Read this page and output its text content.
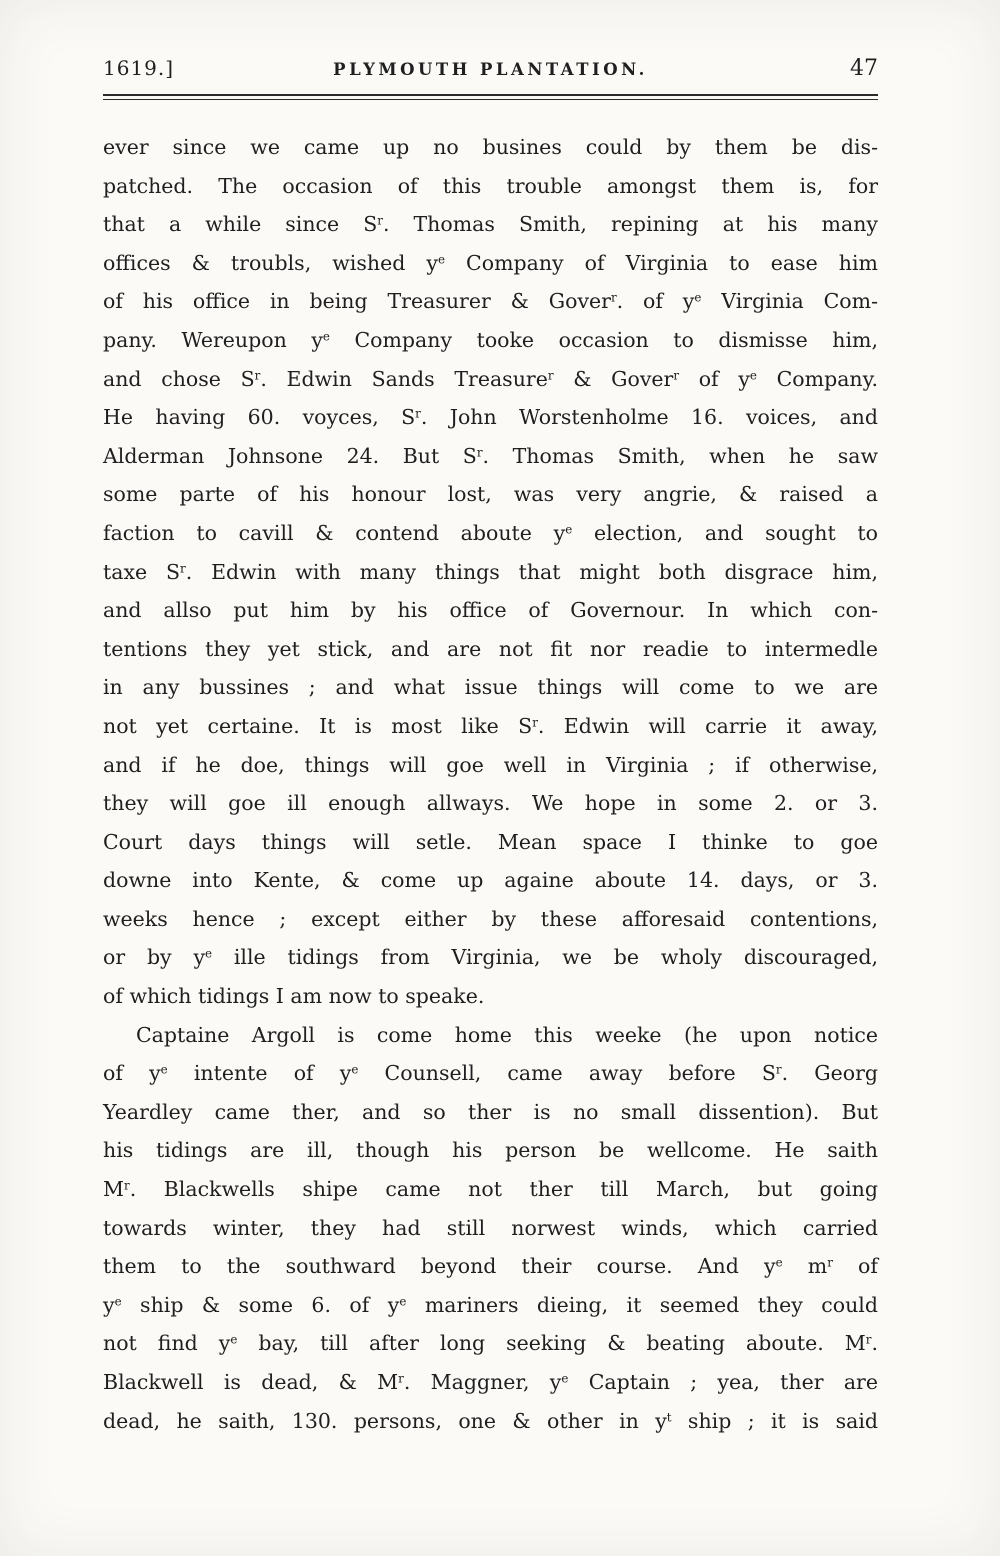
1619.]	PLYMOUTH PLANTATION.	47
ever since we came up no busines could by them be dis-
patched. The occasion of this trouble amongst them is, for
that a while since $S^r$. Thomas Smith, repining at his many
offices & troubls, wished $y^e$ Company of Virginia to ease him
of his office in being Treasurer & Gover$^r$. of $y^e$ Virginia Com-
pany. Wereupon $y^e$ Company tooke occasion to dismisse him,
and chose $S^r$. Edwin Sands Treasure$^r$ & Gover$^r$ of $y^e$ Company.
He having 60. voyces, $S^r$. John Worstenholme 16. voices, and
Alderman Johnsone 24. But $S^r$. Thomas Smith, when he saw
some parte of his honour lost, was very angrie, & raised a
faction to cavill & contend aboute $y^e$ election, and sought to
taxe $S^r$. Edwin with many things that might both disgrace him,
and allso put him by his office of Governour. In which con-
tentions they yet stick, and are not fit nor readie to intermedle
in any bussines ; and what issue things will come to we are
not yet certaine. It is most like $S^r$. Edwin will carrie it away,
and if he doe, things will goe well in Virginia ; if otherwise,
they will goe ill enough allways. We hope in some 2. or 3.
Court days things will setle. Mean space I thinke to goe
downe into Kente, & come up againe aboute 14. days, or 3.
weeks hence ; except either by these afforesaid contentions,
or by $y^e$ ille tidings from Virginia, we be wholy discouraged,
of which tidings I am now to speake.
Captaine Argoll is come home this weeke (he upon notice
of $y^e$ intente of $y^e$ Counsell, came away before $S^r$. Georg
Yeardley came ther, and so ther is no small dissention). But
his tidings are ill, though his person be wellcome. He saith
$M^r$. Blackwells shipe came not ther till March, but going
towards winter, they had still norwest winds, which carried
them to the southward beyond their course. And $y^e$ $m^r$ of
$y^e$ ship & some 6. of $y^e$ mariners dieing, it seemed they could
not find $y^e$ bay, till after long seeking & beating aboute. $M^r$.
Blackwell is dead, & $M^r$. Maggner, $y^e$ Captain ; yea, ther are
dead, he saith, 130. persons, one & other in $y^t$ ship ; it is said
